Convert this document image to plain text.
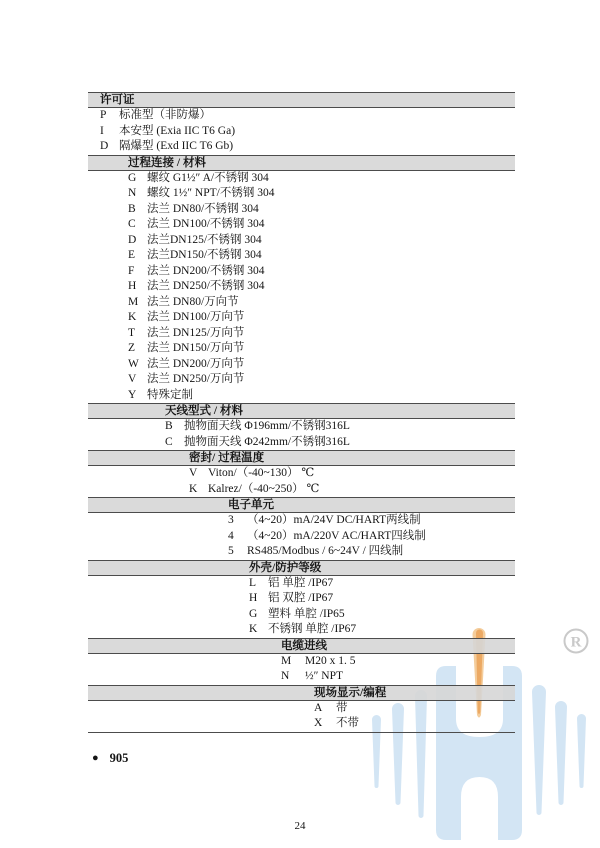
许可证
P 标准型（非防爆）
I 本安型 (Exia IIC T6 Ga)
D 隔爆型 (Exd IIC T6 Gb)
过程连接 / 材料
G 螺纹 G1½″ A/不锈钢 304
N 螺纹 1½″ NPT/不锈钢 304
B 法兰 DN80/不锈钢 304
C 法兰 DN100/不锈钢 304
D 法兰DN125/不锈钢 304
E 法兰DN150/不锈钢 304
F 法兰 DN200/不锈钢 304
H 法兰 DN250/不锈钢 304
M 法兰 DN80/万向节
K 法兰 DN100/万向节
T 法兰 DN125/万向节
Z 法兰 DN150/万向节
W 法兰 DN200/万向节
V 法兰 DN250/万向节
Y 特殊定制
天线型式 / 材料
B 抛物面天线 Φ196mm/不锈钢316L
C 抛物面天线 Φ242mm/不锈钢316L
密封/ 过程温度
V Viton/（-40~130） ℃
K Kalrez/（-40~250） ℃
电子单元
3 （4~20）mA/24V DC/HART两线制
4 （4~20）mA/220V AC/HART四线制
5 RS485/Modbus / 6~24V / 四线制
外壳/防护等级
L 铝 单腔 /IP67
H 铝 双腔 /IP67
G 塑料 单腔 /IP65
K 不锈钢 单腔 /IP67
电缆进线
M M20 x 1. 5
N ½″ NPT
现场显示/编程
A 带
X 不带
R
● 905
24
